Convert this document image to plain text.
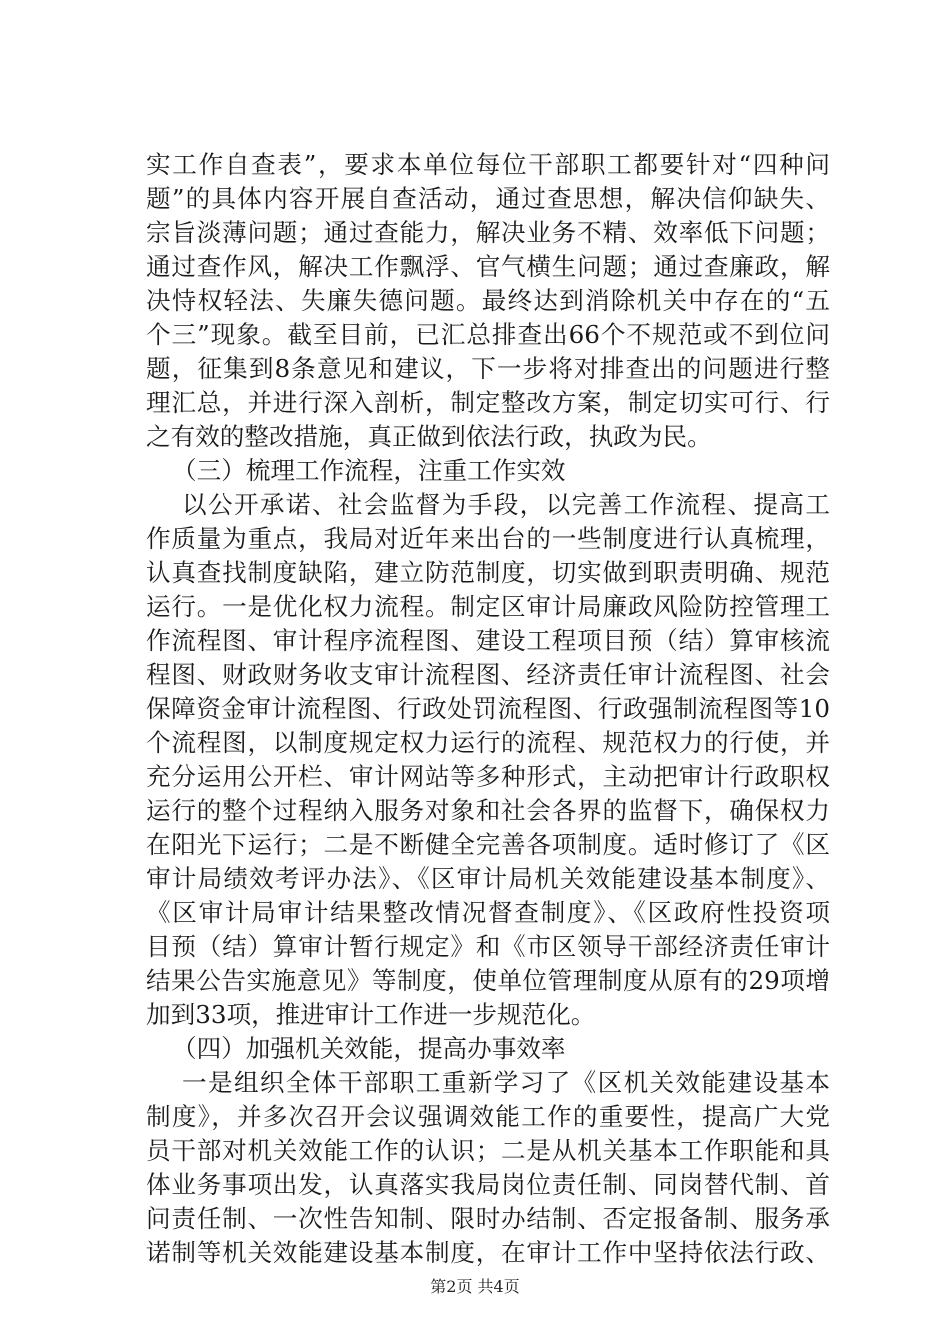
实工作自查表”，要求本单位每位干部职工都要针对“四种问
题”的具体内容开展自查活动，通过查思想，解决信仰缺失、
宗旨淡薄问题；通过查能力，解决业务不精、效率低下问题；
通过查作风，解决工作飘浮、官气横生问题；通过查廉政，解
决恃权轻法、失廉失德问题。最终达到消除机关中存在的“五
个三”现象。截至目前，已汇总排查出66个不规范或不到位问
题，征集到8条意见和建议，下一步将对排查出的问题进行整
理汇总，并进行深入剖析，制定整改方案，制定切实可行、行
之有效的整改措施，真正做到依法行政，执政为民。
（三）梳理工作流程，注重工作实效
以公开承诺、社会监督为手段，以完善工作流程、提高工
作质量为重点，我局对近年来出台的一些制度进行认真梳理，
认真查找制度缺陷，建立防范制度，切实做到职责明确、规范
运行。一是优化权力流程。制定区审计局廉政风险防控管理工
作流程图、审计程序流程图、建设工程项目预（结）算审核流
程图、财政财务收支审计流程图、经济责任审计流程图、社会
保障资金审计流程图、行政处罚流程图、行政强制流程图等10
个流程图，以制度规定权力运行的流程、规范权力的行使，并
充分运用公开栏、审计网站等多种形式，主动把审计行政职权
运行的整个过程纳入服务对象和社会各界的监督下，确保权力
在阳光下运行；二是不断健全完善各项制度。适时修订了《区
审计局绩效考评办法》、《区审计局机关效能建设基本制度》、
《区审计局审计结果整改情况督查制度》、《区政府性投资项
目预（结）算审计暂行规定》和《市区领导干部经济责任审计
结果公告实施意见》等制度，使单位管理制度从原有的29项增
加到33项，推进审计工作进一步规范化。
（四）加强机关效能，提高办事效率
一是组织全体干部职工重新学习了《区机关效能建设基本
制度》，并多次召开会议强调效能工作的重要性，提高广大党
员干部对机关效能工作的认识；二是从机关基本工作职能和具
体业务事项出发，认真落实我局岗位责任制、同岗替代制、首
问责任制、一次性告知制、限时办结制、否定报备制、服务承
诺制等机关效能建设基本制度，在审计工作中坚持依法行政、
第2页 共4页
